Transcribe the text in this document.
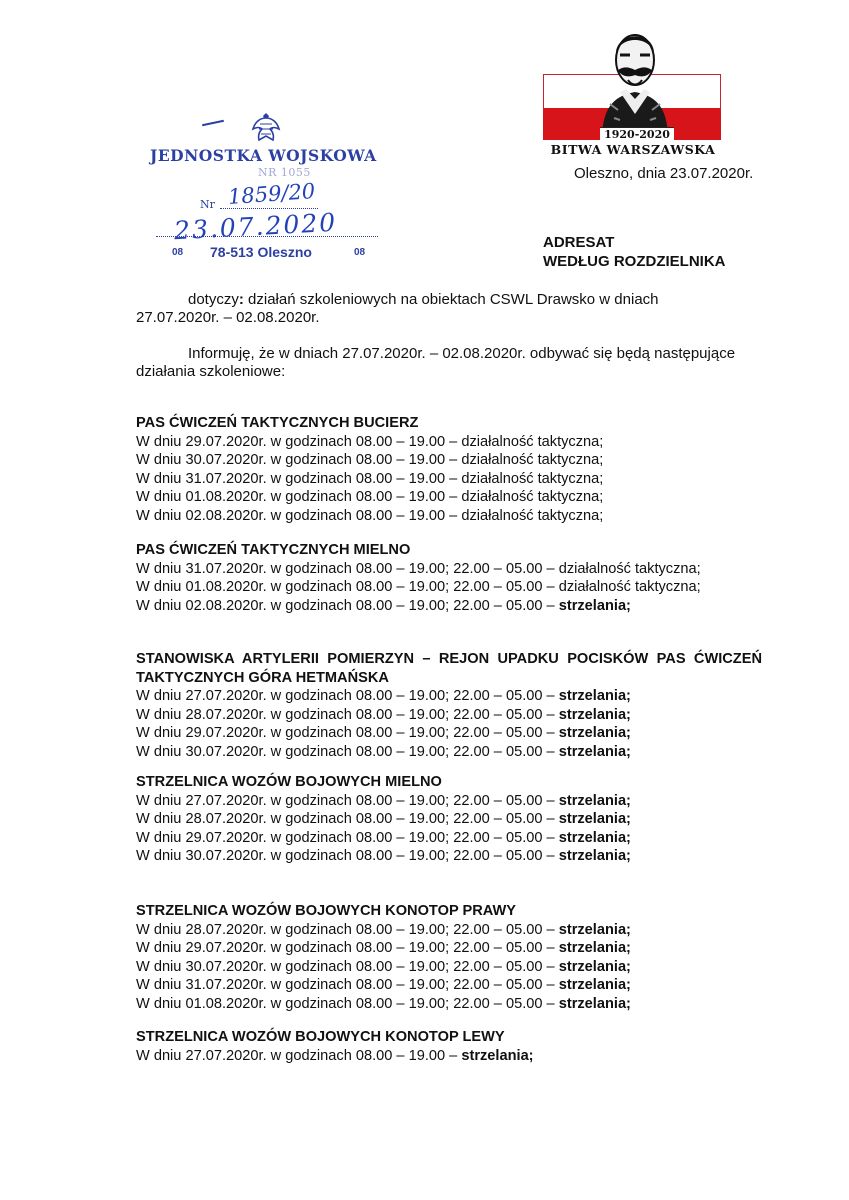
JEDNOSTKA WOJSKOWA
NR 1055
Nr 1859/20
23.07.2020
08 78-513 Oleszno	08
1920-2020
BITWA WARSZAWSKA
Oleszno, dnia 23.07.2020r.
ADRESAT
WEDŁUG ROZDZIELNIKA
dotyczy: działań szkoleniowych na obiektach CSWL Drawsko w dniach
27.07.2020r. – 02.08.2020r.
Informuję, że w dniach 27.07.2020r. – 02.08.2020r. odbywać się będą następujące
działania szkoleniowe:
PAS ĆWICZEŃ TAKTYCZNYCH BUCIERZ
W dniu 29.07.2020r. w godzinach 08.00 – 19.00 – działalność taktyczna;
W dniu 30.07.2020r. w godzinach 08.00 – 19.00 – działalność taktyczna;
W dniu 31.07.2020r. w godzinach 08.00 – 19.00 – działalność taktyczna;
W dniu 01.08.2020r. w godzinach 08.00 – 19.00 – działalność taktyczna;
W dniu 02.08.2020r. w godzinach 08.00 – 19.00 – działalność taktyczna;
PAS ĆWICZEŃ TAKTYCZNYCH MIELNO
W dniu 31.07.2020r. w godzinach 08.00 – 19.00; 22.00 – 05.00 – działalność taktyczna;
W dniu 01.08.2020r. w godzinach 08.00 – 19.00; 22.00 – 05.00 – działalność taktyczna;
W dniu 02.08.2020r. w godzinach 08.00 – 19.00; 22.00 – 05.00 – strzelania;
STANOWISKA ARTYLERII POMIERZYN – REJON UPADKU POCISKÓW PAS ĆWICZEŃ TAKTYCZNYCH GÓRA HETMAŃSKA
W dniu 27.07.2020r. w godzinach 08.00 – 19.00; 22.00 – 05.00 – strzelania;
W dniu 28.07.2020r. w godzinach 08.00 – 19.00; 22.00 – 05.00 – strzelania;
W dniu 29.07.2020r. w godzinach 08.00 – 19.00; 22.00 – 05.00 – strzelania;
W dniu 30.07.2020r. w godzinach 08.00 – 19.00; 22.00 – 05.00 – strzelania;
STRZELNICA WOZÓW BOJOWYCH MIELNO
W dniu 27.07.2020r. w godzinach 08.00 – 19.00; 22.00 – 05.00 – strzelania;
W dniu 28.07.2020r. w godzinach 08.00 – 19.00; 22.00 – 05.00 – strzelania;
W dniu 29.07.2020r. w godzinach 08.00 – 19.00; 22.00 – 05.00 – strzelania;
W dniu 30.07.2020r. w godzinach 08.00 – 19.00; 22.00 – 05.00 – strzelania;
STRZELNICA WOZÓW BOJOWYCH KONOTOP PRAWY
W dniu 28.07.2020r. w godzinach 08.00 – 19.00; 22.00 – 05.00 – strzelania;
W dniu 29.07.2020r. w godzinach 08.00 – 19.00; 22.00 – 05.00 – strzelania;
W dniu 30.07.2020r. w godzinach 08.00 – 19.00; 22.00 – 05.00 – strzelania;
W dniu 31.07.2020r. w godzinach 08.00 – 19.00; 22.00 – 05.00 – strzelania;
W dniu 01.08.2020r. w godzinach 08.00 – 19.00; 22.00 – 05.00 – strzelania;
STRZELNICA WOZÓW BOJOWYCH KONOTOP LEWY
W dniu 27.07.2020r. w godzinach 08.00 – 19.00 – strzelania;
